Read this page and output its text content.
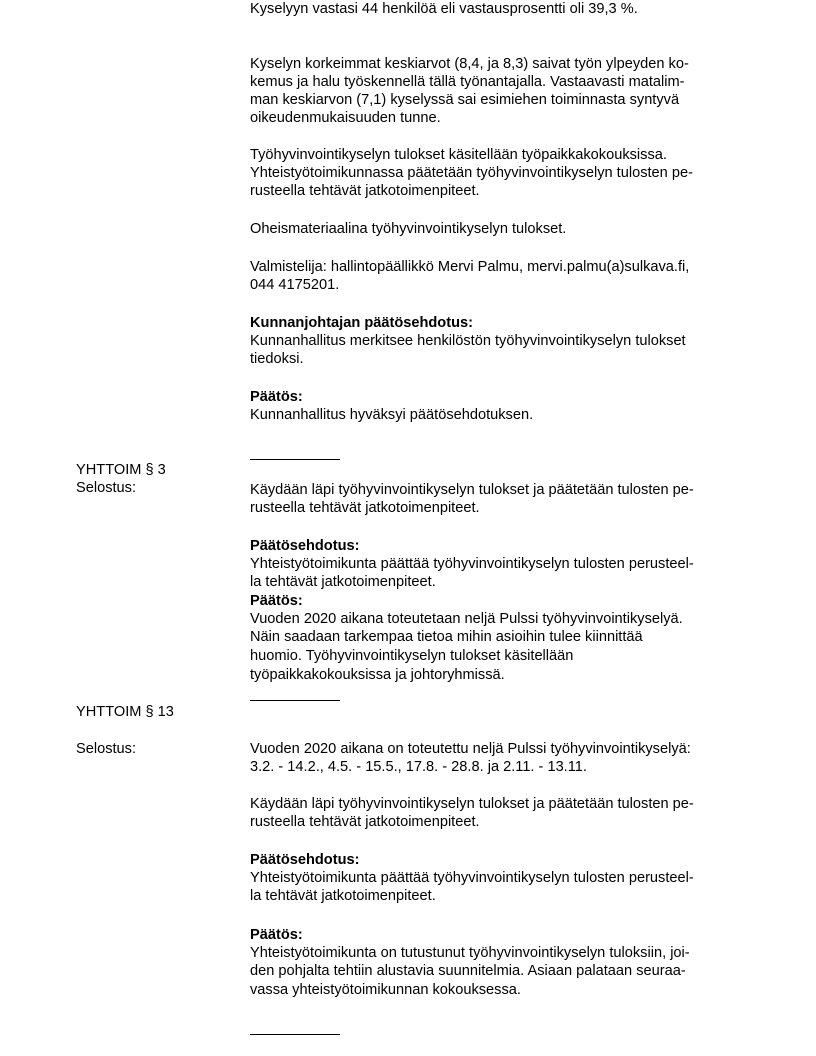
Kyselyyn vastasi 44 henkilöä eli vastausprosentti oli 39,3 %.
Kyselyn korkeimmat keskiarvot (8,4, ja 8,3) saivat työn ylpeyden ko-
kemus ja halu työskennellä tällä työnantajalla. Vastaavasti matalim-
man keskiarvon (7,1) kyselyssä sai esimiehen toiminnasta syntyvä
oikeudenmukaisuuden tunne.
Työhyvinvointikyselyn tulokset käsitellään työpaikkakokouksissa.
Yhteistyötoimikunnassa päätetään työhyvinvointikyselyn tulosten pe-
rusteella tehtävät jatkotoimenpiteet.
Oheismateriaalina työhyvinvointikyselyn tulokset.
Valmistelija: hallintopäällikkö Mervi Palmu, mervi.palmu(a)sulkava.fi,
044 4175201.
Kunnanjohtajan päätösehdotus:
Kunnanhallitus merkitsee henkilöstön työhyvinvointikyselyn tulokset
tiedoksi.
Päätös:
Kunnanhallitus hyväksyi päätösehdotuksen.
YHTTOIM § 3
Selostus:	Käydään läpi työhyvinvointikyselyn tulokset ja päätetään tulosten pe-
rusteella tehtävät jatkotoimenpiteet.
Päätösehdotus:
Yhteistyötoimikunta päättää työhyvinvointikyselyn tulosten perusteel-
la tehtävät jatkotoimenpiteet.
Päätös:
Vuoden 2020 aikana toteutetaan neljä Pulssi työhyvinvointikyselyä.
Näin saadaan tarkempaa tietoa mihin asioihin tulee kiinnittää
huomio. Työhyvinvointikyselyn tulokset käsitellään
työpaikkakokouksissa ja johtoryhmissä.
YHTTOIM § 13
Selostus:	Vuoden 2020 aikana on toteutettu neljä Pulssi työhyvinvointikyselyä:
3.2. - 14.2., 4.5. - 15.5., 17.8. - 28.8. ja 2.11. - 13.11.
Käydään läpi työhyvinvointikyselyn tulokset ja päätetään tulosten pe-
rusteella tehtävät jatkotoimenpiteet.
Päätösehdotus:
Yhteistyötoimikunta päättää työhyvinvointikyselyn tulosten perusteel-
la tehtävät jatkotoimenpiteet.
Päätös:
Yhteistyötoimikunta on tutustunut työhyvinvointikyselyn tuloksiin, joi-
den pohjalta tehtiin alustavia suunnitelmia. Asiaan palataan seuraa-
vassa yhteistyötoimikunnan kokouksessa.
